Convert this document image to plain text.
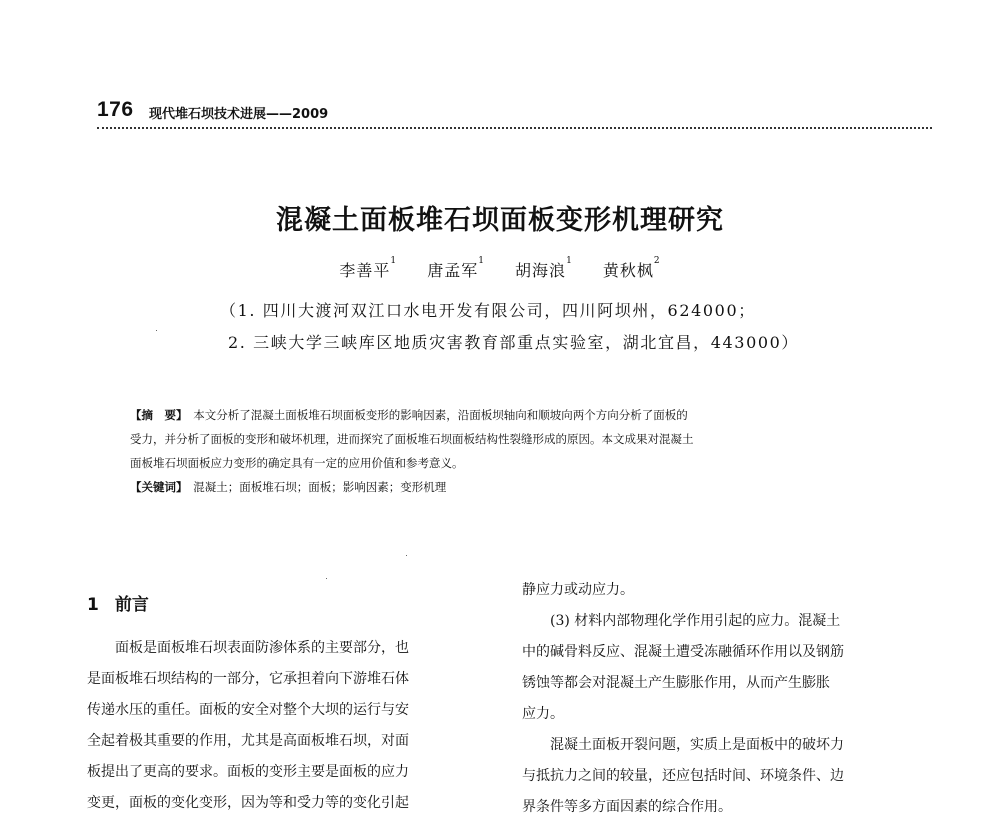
176 现代堆石坝技术进展——2009
混凝土面板堆石坝面板变形机理研究
李善平$^1$ 唐孟军$^1$ 胡海浪$^1$ 黄秋枫$^2$
（1. 四川大渡河双江口水电开发有限公司，四川阿坝州，624000；
2. 三峡大学三峡库区地质灾害教育部重点实验室，湖北宜昌，443000）
【摘　要】　 本文分析了混凝土面板堆石坝面板变形的影响因素，沿面板坝轴向和顺坡向两个方向分析了面板的
受力，并分析了面板的变形和破坏机理，进而探究了面板堆石坝面板结构性裂缝形成的原因。本文成果对混凝土
面板堆石坝面板应力变形的确定具有一定的应用价值和参考意义。
【关键词】　 混凝土；面板堆石坝；面板；影响因素；变形机理
1 前言
　　面板是面板堆石坝表面防渗体系的主要部分，也
是面板堆石坝结构的一部分，它承担着向下游堆石体
传递水压的重任。面板的安全对整个大坝的运行与安
全起着极其重要的作用，尤其是高面板堆石坝，对面
板提出了更高的要求。面板的变形主要是面板的应力
变更，面板的变化变形，因为等和受力等的变化引起
静应力或动应力。
　　(3) 材料内部物理化学作用引起的应力。混凝土
中的碱骨料反应、混凝土遭受冻融循环作用以及钢筋
锈蚀等都会对混凝土产生膨胀作用，从而产生膨胀
应力。
　　混凝土面板开裂问题，实质上是面板中的破坏力
与抵抗力之间的较量，还应包括时间、环境条件、边
界条件等多方面因素的综合作用。
